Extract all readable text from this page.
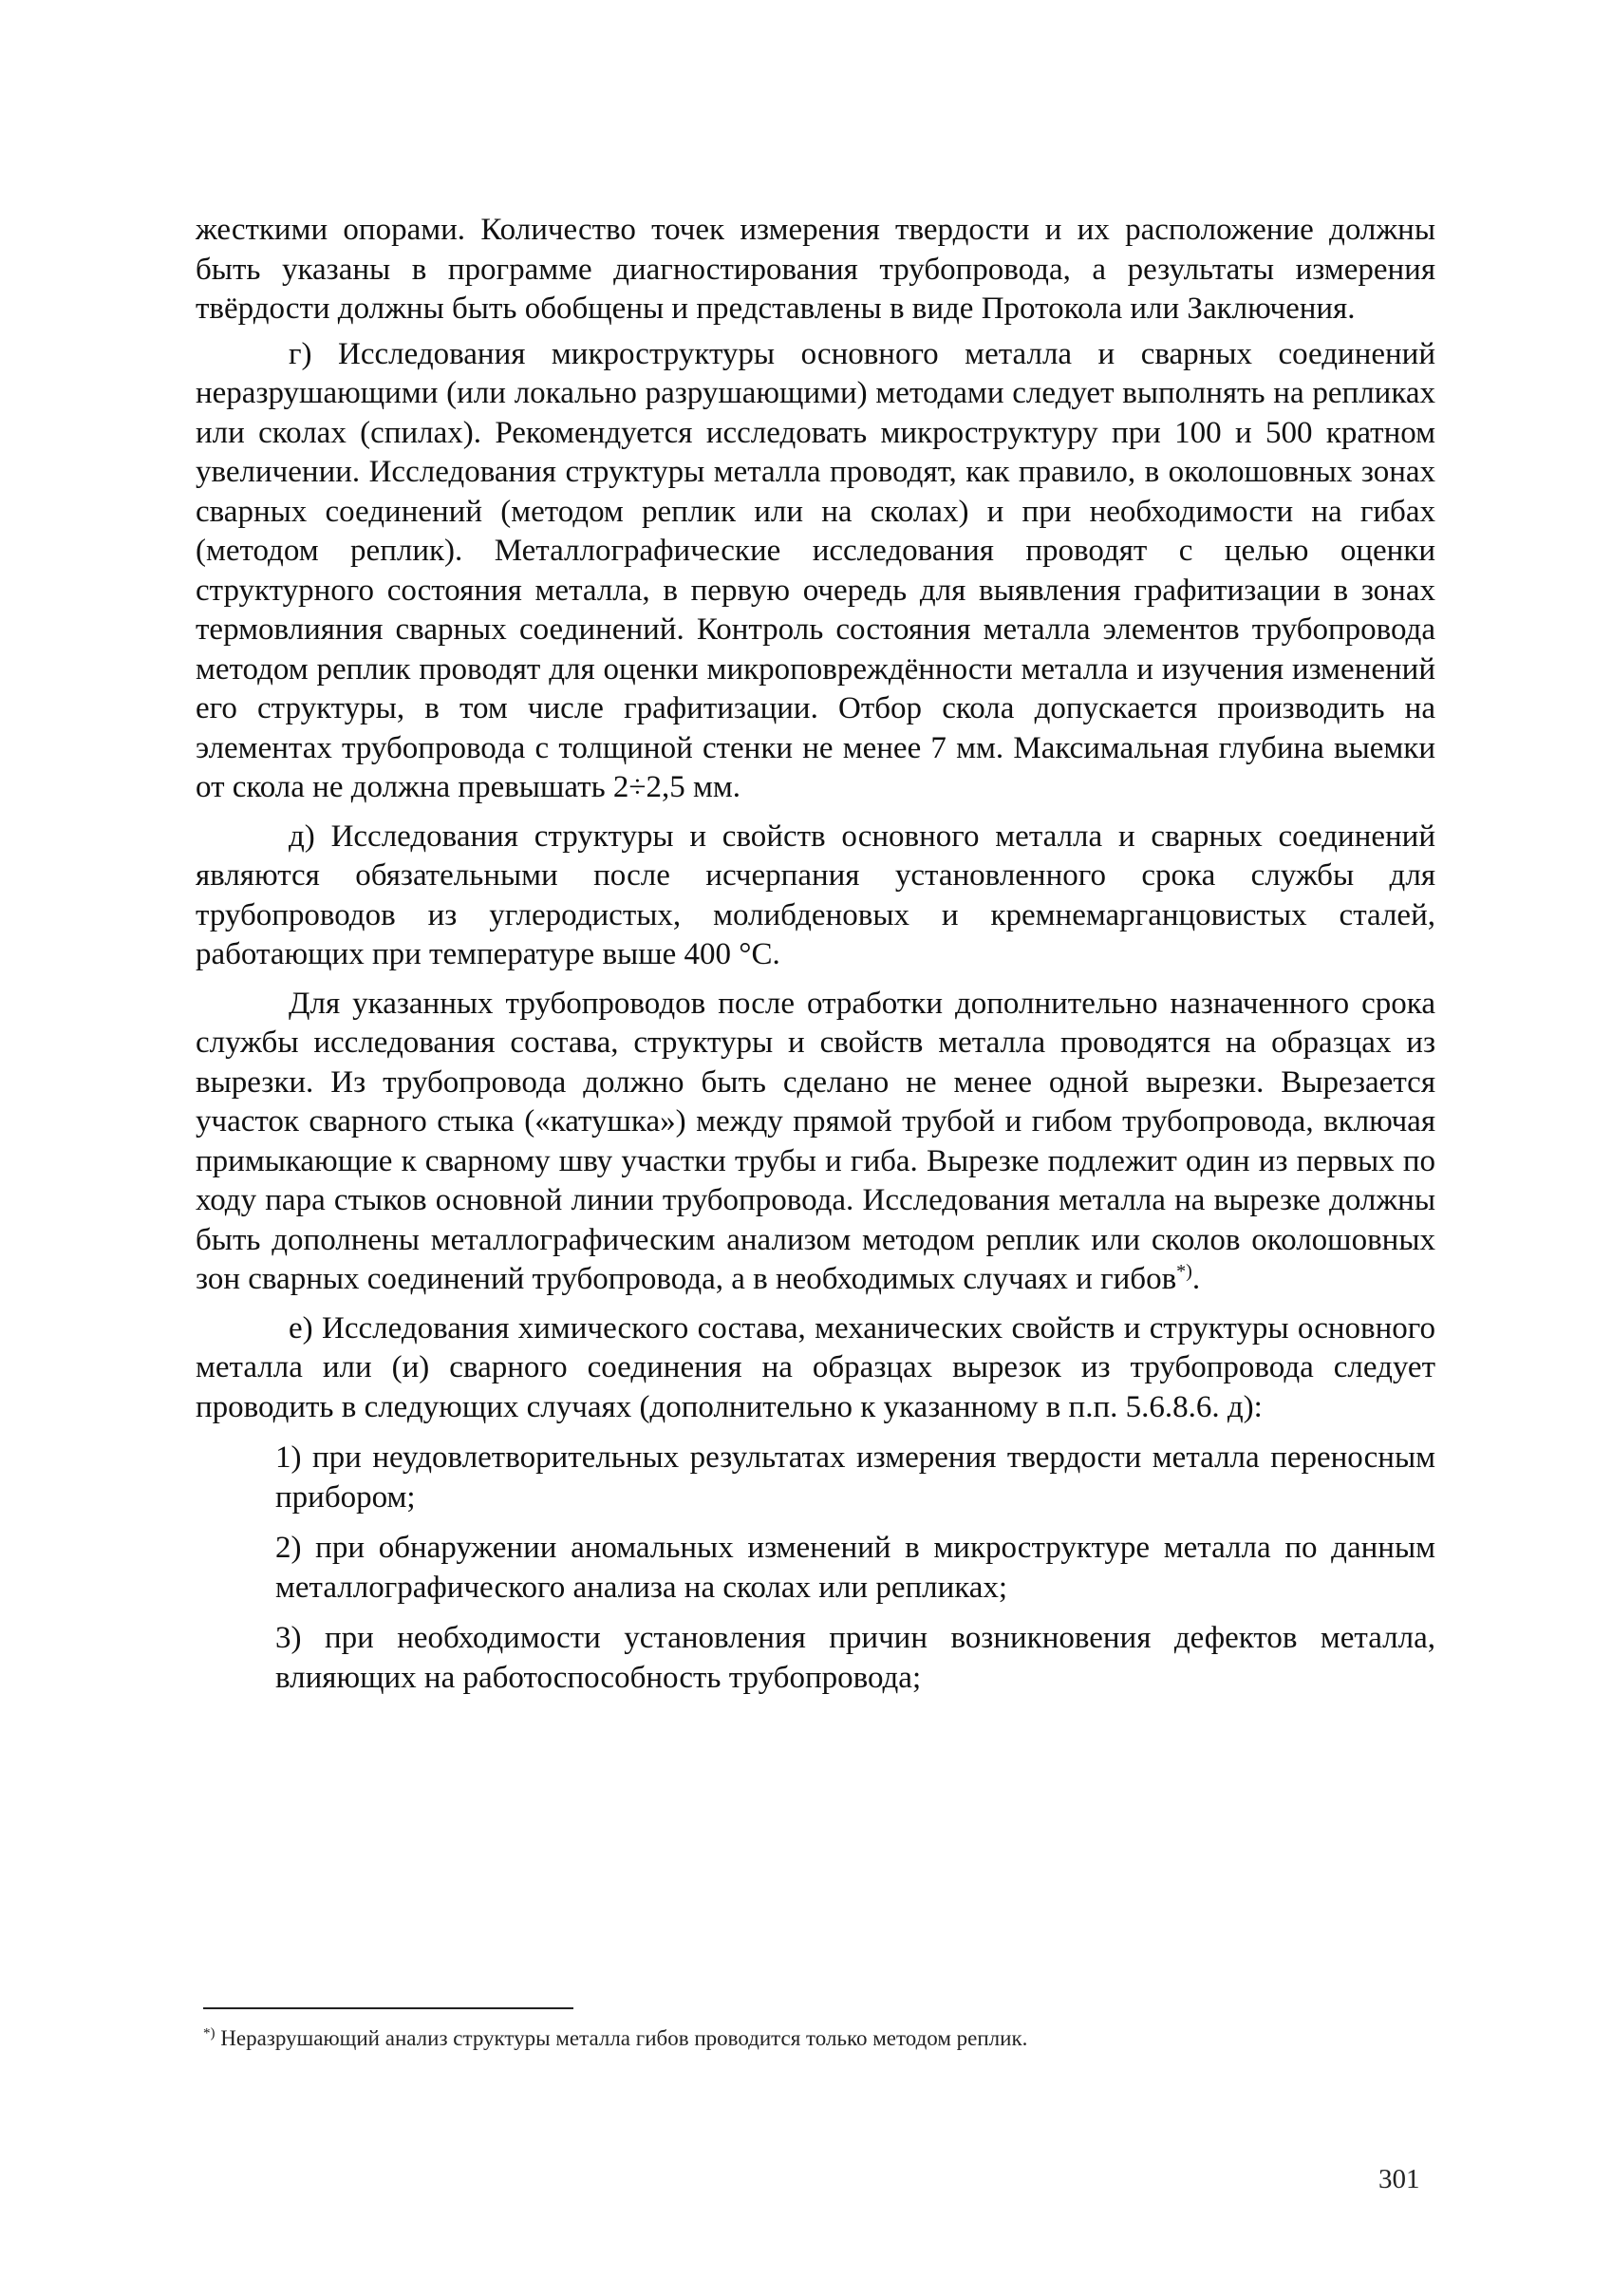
жесткими опорами. Количество точек измерения твердости и их расположение должны быть указаны в программе диагностирования трубопровода, а результаты измерения твёрдости должны быть обобщены и представлены в виде Протокола или Заключения.

г) Исследования микроструктуры основного металла и сварных соединений неразрушающими (или локально разрушающими) методами следует выполнять на репликах или сколах (спилах). Рекомендуется исследовать микроструктуру при 100 и 500 кратном увеличении. Исследования структуры металла проводят, как правило, в околошовных зонах сварных соединений (методом реплик или на сколах) и при необходимости на гибах (методом реплик). Металлографические исследования проводят с целью оценки структурного состояния металла, в первую очередь для выявления графитизации в зонах термовлияния сварных соединений. Контроль состояния металла элементов трубопровода методом реплик проводят для оценки микроповреждённости металла и изучения изменений его структуры, в том числе графитизации. Отбор скола допускается производить на элементах трубопровода с толщиной стенки не менее 7 мм. Максимальная глубина выемки от скола не должна превышать 2÷2,5 мм.

д) Исследования структуры и свойств основного металла и сварных соединений являются обязательными после исчерпания установленного срока службы для трубопроводов из углеродистых, молибденовых и кремнемарганцовистых сталей, работающих при температуре выше 400 °С.

Для указанных трубопроводов после отработки дополнительно назначенного срока службы исследования состава, структуры и свойств металла проводятся на образцах из вырезки. Из трубопровода должно быть сделано не менее одной вырезки. Вырезается участок сварного стыка («катушка») между прямой трубой и гибом трубопровода, включая примыкающие к сварному шву участки трубы и гиба. Вырезке подлежит один из первых по ходу пара стыков основной линии трубопровода. Исследования металла на вырезке должны быть дополнены металлографическим анализом методом реплик или сколов околошовных зон сварных соединений трубопровода, а в необходимых случаях и гибов*).

е) Исследования химического состава, механических свойств и структуры основного металла или (и) сварного соединения на образцах вырезок из трубопровода следует проводить в следующих случаях (дополнительно к указанному в п.п. 5.6.8.6. д):

1) при неудовлетворительных результатах измерения твердости металла переносным прибором;

2) при обнаружении аномальных изменений в микроструктуре металла по данным металлографического анализа на сколах или репликах;

3) при необходимости установления причин возникновения дефектов металла, влияющих на работоспособность трубопровода;

*) Неразрушающий анализ структуры металла гибов проводится только методом реплик.
301
